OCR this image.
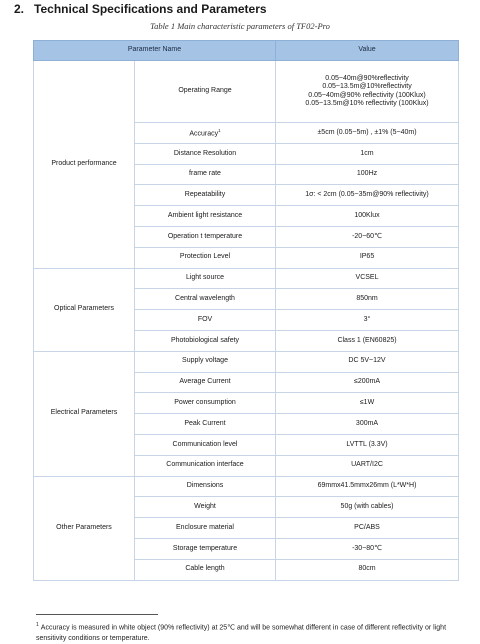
2. Technical Specifications and Parameters
Table 1 Main characteristic parameters of TF02-Pro
Parameter Name		Value
Product performance	Operating Range	0.05~40m@90%reflectivity
0.05~13.5m@10%reflectivity
0.05~40m@90% reflectivity (100Klux)
0.05~13.5m@10% reflectivity (100Klux)

	Accuracy$^1$	±5cm (0.05~5m) , ±1% (5~40m)
	Distance Resolution	1cm
	frame rate	100Hz
	Repeatability	1σ: < 2cm (0.05~35m@90% reflectivity)
	Ambient light resistance	100Klux
	Operation t temperature	-20~60℃
	Protection Level	IP65
Optical Parameters	Light source	VCSEL
	Central wavelength	850nm
	FOV	3°
	Photobiological safety	Class 1 (EN60825)
Electrical Parameters	Supply voltage	DC 5V~12V
	Average Current	≤200mA
	Power consumption	≤1W
	Peak Current	300mA
	Communication level	LVTTL (3.3V)
	Communication interface	UART/I2C
Other Parameters	Dimensions	69mmx41.5mmx26mm (L*W*H)
	Weight	50g (with cables)
	Enclosure material	PC/ABS
	Storage temperature	-30~80℃
	Cable length	80cm
$^1$ Accuracy is measured in white object (90% reflectivity) at 25℃ and will be somewhat different in case of different reflectivity or light sensitivity conditions or temperature.
